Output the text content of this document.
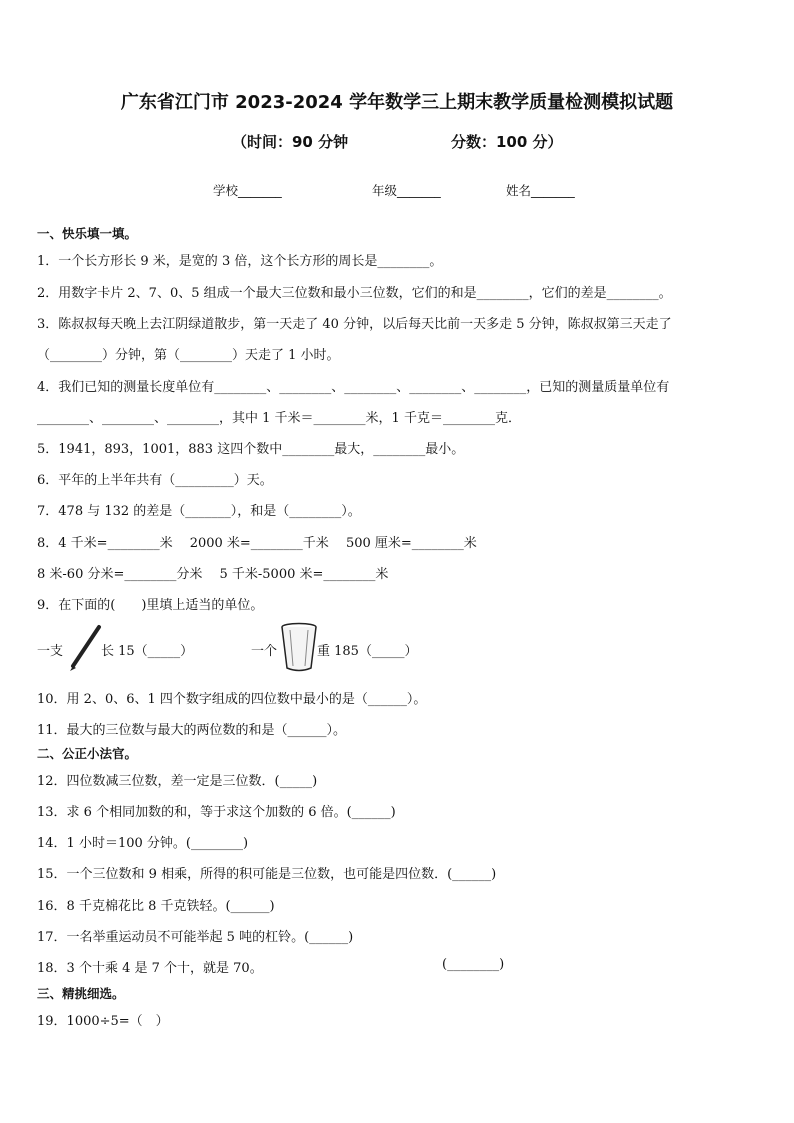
广东省江门市 2023-2024 学年数学三上期末教学质量检测模拟试题
（时间：90 分钟	分数：100 分）
学校_______	年级_______	姓名_______
一、快乐填一填。
1．一个长方形长 9 米，是宽的 3 倍，这个长方形的周长是________。
2．用数字卡片 2、7、0、5 组成一个最大三位数和最小三位数，它们的和是________，它们的差是________。
3．陈叔叔每天晚上去江阴绿道散步，第一天走了 40 分钟，以后每天比前一天多走 5 分钟，陈叔叔第三天走了
（________）分钟，第（________）天走了 1 小时。
4．我们已知的测量长度单位有________、________、________、________、________，已知的测量质量单位有
________、________、________，其中 1 千米＝________米，1 千克＝________克．
5．1941，893，1001，883 这四个数中________最大，________最小。
6．平年的上半年共有（_________）天。
7．478 与 132 的差是（_______），和是（________）。
8．4 千米=________米　 2000 米=________千米　 500 厘米=________米
8 米-60 分米=________分米　 5 千米-5000 米=________米
9．在下面的(　　)里填上适当的单位。
一支	长 15（_____）	一个	重 185（_____）
10．用 2、0、6、1 四个数字组成的四位数中最小的是（______）。
11．最大的三位数与最大的两位数的和是（______）。
二、公正小法官。
12．四位数减三位数，差一定是三位数．(_____)
13．求 6 个相同加数的和，等于求这个加数的 6 倍。(______)
14．1 小时＝100 分钟。(________)
15．一个三位数和 9 相乘，所得的积可能是三位数，也可能是四位数．(______)
16．8 千克棉花比 8 千克铁轻。(______)
17．一名举重运动员不可能举起 5 吨的杠铃。(______)
18．3 个十乘 4 是 7 个十，就是 70。	(________)
三、精挑细选。
19．1000÷5=（　）
